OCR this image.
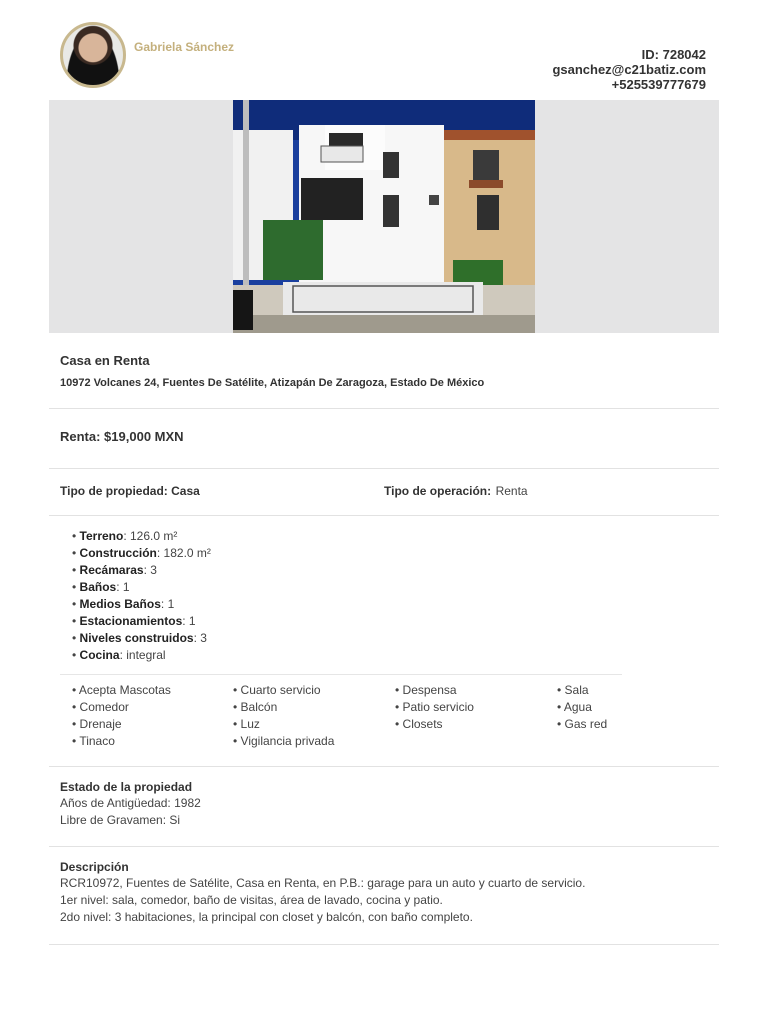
Gabriela Sánchez	ID: 728042
gsanchez@c21batiz.com
+525539777679
Casa en Renta
10972 Volcanes 24, Fuentes De Satélite, Atizapán De Zaragoza, Estado De México
Renta: $19,000 MXN
Tipo de propiedad: Casa	Tipo de operación: Renta
• Terreno: 126.0 m²
• Construcción: 182.0 m²
• Recámaras: 3
• Baños: 1
• Medios Baños: 1
• Estacionamientos: 1
• Niveles construidos: 3
• Cocina: integral
• Acepta Mascotas
• Comedor
• Drenaje
• Tinaco
• Cuarto servicio
• Balcón
• Luz
• Vigilancia privada
• Despensa
• Patio servicio
• Closets
• Sala
• Agua
• Gas red
Estado de la propiedad
Años de Antigüedad: 1982
Libre de Gravamen: Si
Descripción
RCR10972, Fuentes de Satélite, Casa en Renta, en P.B.: garage para un auto y cuarto de servicio.
1er nivel: sala, comedor, baño de visitas, área de lavado, cocina y patio.
2do nivel: 3 habitaciones, la principal con closet y balcón, con baño completo.
